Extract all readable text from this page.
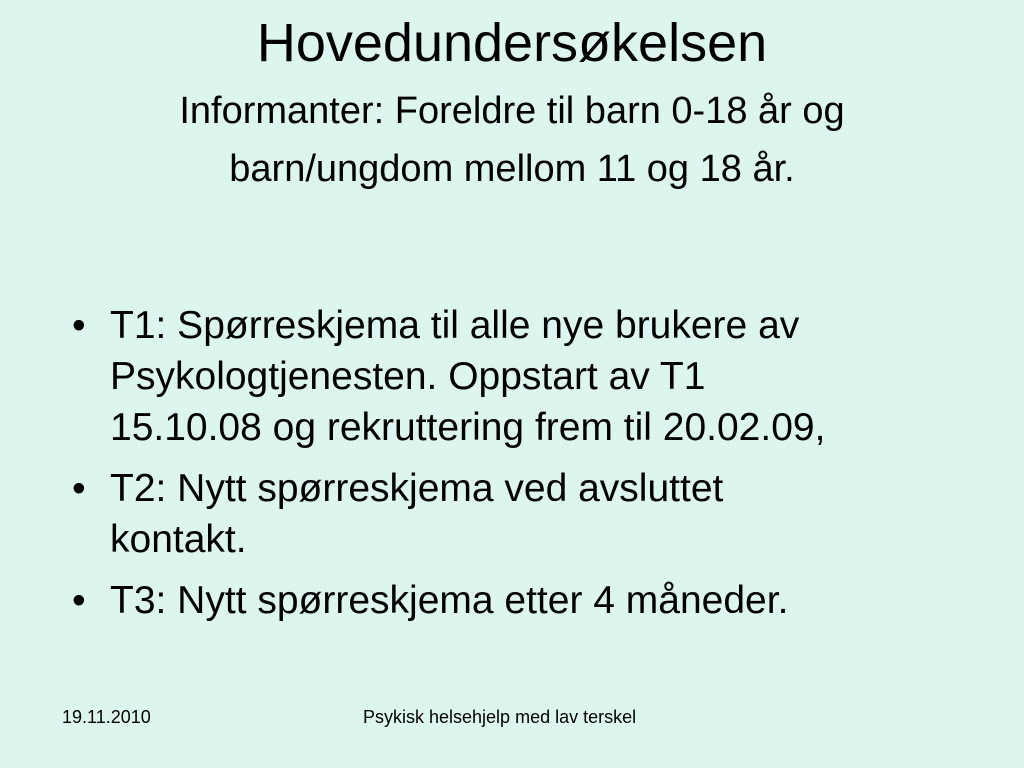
Hovedundersøkelsen
Informanter: Foreldre til barn 0-18 år og
barn/ungdom mellom 11 og 18 år.
• T1: Spørreskjema til alle nye brukere av
Psykologtjenesten. Oppstart av T1
15.10.08 og rekruttering frem til 20.02.09,
• T2: Nytt spørreskjema ved avsluttet
kontakt.
• T3: Nytt spørreskjema etter 4 måneder.
19.11.2010	Psykisk helsehjelp med lav terskel
